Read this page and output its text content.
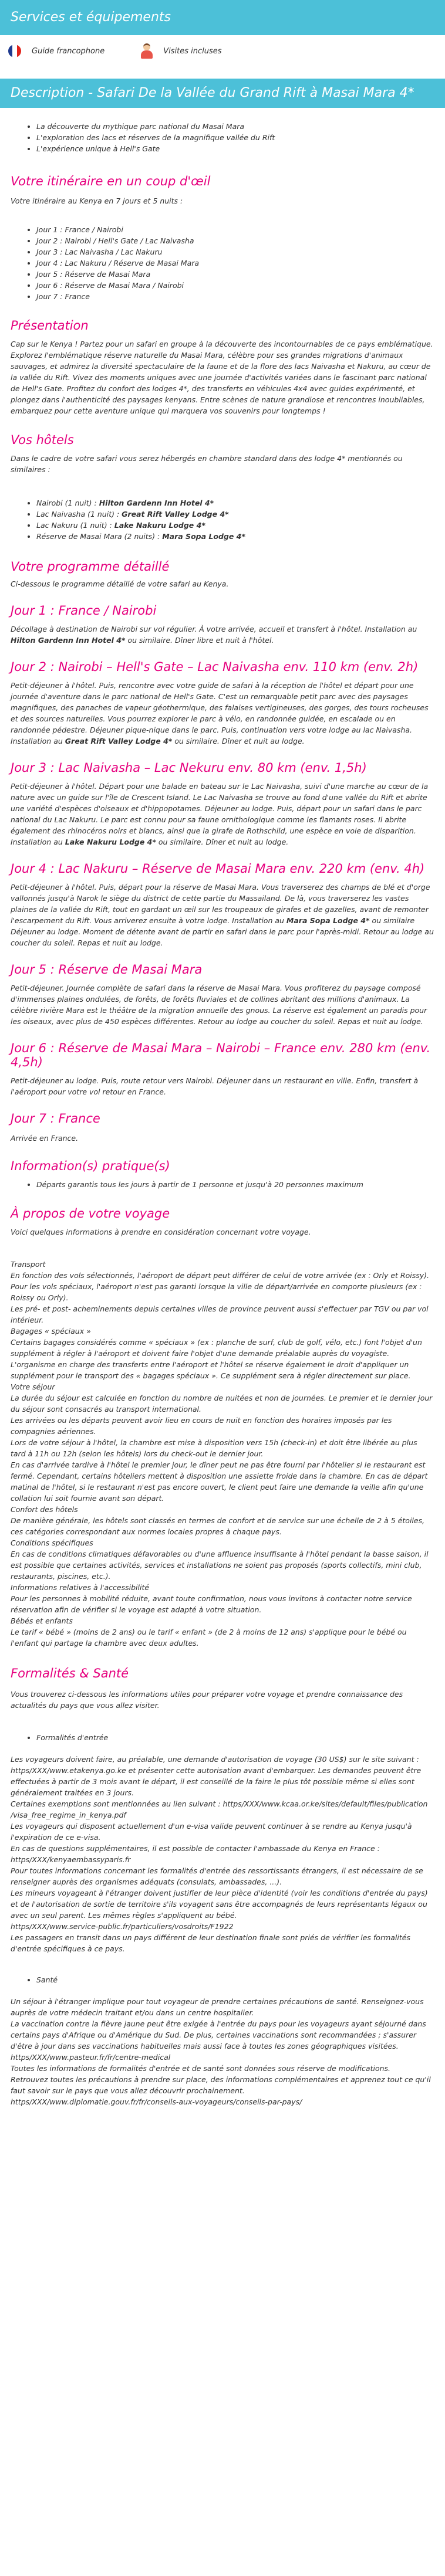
Services et équipements
Guide francophone	Visites incluses
Description - Safari De la Vallée du Grand Rift à Masai Mara 4*
• La découverte du mythique parc national du Masai Mara
• L'exploration des lacs et réserves de la magnifique vallée du Rift
• L'expérience unique à Hell's Gate
Votre itinéraire en un coup d'œil

Votre itinéraire au Kenya en 7 jours et 5 nuits :

• Jour 1 : France / Nairobi
• Jour 2 : Nairobi / Hell's Gate / Lac Naivasha
• Jour 3 : Lac Naivasha / Lac Nakuru
• Jour 4 : Lac Nakuru / Réserve de Masai Mara
• Jour 5 : Réserve de Masai Mara
• Jour 6 : Réserve de Masai Mara / Nairobi
• Jour 7 : France
Présentation

Cap sur le Kenya ! Partez pour un safari en groupe à la découverte des incontournables de ce pays emblématique. Explorez l'emblématique réserve naturelle du Masai Mara, célèbre pour ses grandes migrations d'animaux sauvages, et admirez la diversité spectaculaire de la faune et de la flore des lacs Naivasha et Nakuru, au cœur de la vallée du Rift. Vivez des moments uniques avec une journée d'activités variées dans le fascinant parc national de Hell's Gate. Profitez du confort des lodges 4*, des transferts en véhicules 4x4 avec guides expérimenté, et plongez dans l'authenticité des paysages kenyans. Entre scènes de nature grandiose et rencontres inoubliables, embarquez pour cette aventure unique qui marquera vos souvenirs pour longtemps !

Vos hôtels

Dans le cadre de votre safari vous serez hébergés en chambre standard dans des lodge 4* mentionnés ou similaires :

• Nairobi (1 nuit) : Hilton Gardenn Inn Hotel 4*
• Lac Naivasha (1 nuit) : Great Rift Valley Lodge 4*
• Lac Nakuru (1 nuit) : Lake Nakuru Lodge 4*
• Réserve de Masai Mara (2 nuits) : Mara Sopa Lodge 4*
Votre programme détaillé

Ci-dessous le programme détaillé de votre safari au Kenya.

Jour 1 : France / Nairobi

Décollage à destination de Nairobi sur vol régulier. À votre arrivée, accueil et transfert à l'hôtel. Installation au Hilton Gardenn Inn Hotel 4* ou similaire. Dîner libre et nuit à l'hôtel.

Jour 2 : Nairobi – Hell's Gate – Lac Naivasha env. 110 km (env. 2h)

Petit-déjeuner à l'hôtel. Puis, rencontre avec votre guide de safari à la réception de l'hôtel et départ pour une journée d'aventure dans le parc national de Hell's Gate. C'est un remarquable petit parc avec des paysages magnifiques, des panaches de vapeur géothermique, des falaises vertigineuses, des gorges, des tours rocheuses et des sources naturelles. Vous pourrez explorer le parc à vélo, en randonnée guidée, en escalade ou en randonnée pédestre. Déjeuner pique-nique dans le parc. Puis, continuation vers votre lodge au lac Naivasha. Installation au Great Rift Valley Lodge 4* ou similaire. Dîner et nuit au lodge.

Jour 3 : Lac Naivasha – Lac Nekuru env. 80 km (env. 1,5h)

Petit-déjeuner à l'hôtel. Départ pour une balade en bateau sur le Lac Naivasha, suivi d'une marche au cœur de la nature avec un guide sur l'île de Crescent Island. Le Lac Naivasha se trouve au fond d'une vallée du Rift et abrite une variété d'espèces d'oiseaux et d'hippopotames. Déjeuner au lodge. Puis, départ pour un safari dans le parc national du Lac Nakuru. Le parc est connu pour sa faune ornithologique comme les flamants roses. Il abrite également des rhinocéros noirs et blancs, ainsi que la girafe de Rothschild, une espèce en voie de disparition. Installation au Lake Nakuru Lodge 4* ou similaire. Dîner et nuit au lodge.

Jour 4 : Lac Nakuru – Réserve de Masai Mara env. 220 km (env. 4h)

Petit-déjeuner à l'hôtel. Puis, départ pour la réserve de Masai Mara. Vous traverserez des champs de blé et d'orge vallonnés jusqu'à Narok le siège du district de cette partie du Massailand. De là, vous traverserez les vastes plaines de la vallée du Rift, tout en gardant un œil sur les troupeaux de girafes et de gazelles, avant de remonter l'escarpement du Rift. Vous arriverez ensuite à votre lodge. Installation au Mara Sopa Lodge 4* ou similaire Déjeuner au lodge. Moment de détente avant de partir en safari dans le parc pour l'après-midi. Retour au lodge au coucher du soleil. Repas et nuit au lodge.

Jour 5 : Réserve de Masai Mara

Petit-déjeuner. Journée complète de safari dans la réserve de Masai Mara. Vous profiterez du paysage composé d'immenses plaines ondulées, de forêts, de forêts fluviales et de collines abritant des millions d'animaux. La célèbre rivière Mara est le théâtre de la migration annuelle des gnous. La réserve est également un paradis pour les oiseaux, avec plus de 450 espèces différentes. Retour au lodge au coucher du soleil. Repas et nuit au lodge.

Jour 6 : Réserve de Masai Mara – Nairobi – France env. 280 km (env. 4,5h)

Petit-déjeuner au lodge. Puis, route retour vers Nairobi. Déjeuner dans un restaurant en ville. Enfin, transfert à l'aéroport pour votre vol retour en France.

Jour 7 : France

Arrivée en France.

Information(s) pratique(s)
• Départs garantis tous les jours à partir de 1 personne et jusqu'à 20 personnes maximum
À propos de votre voyage

Voici quelques informations à prendre en considération concernant votre voyage.

Transport

En fonction des vols sélectionnés, l'aéroport de départ peut différer de celui de votre arrivée (ex : Orly et Roissy). Pour les vols spéciaux, l'aéroport n'est pas garanti lorsque la ville de départ/arrivée en comporte plusieurs (ex : Roissy ou Orly).

Les pré- et post- acheminements depuis certaines villes de province peuvent aussi s'effectuer par TGV ou par vol intérieur.

Bagages « spéciaux »

Certains bagages considérés comme « spéciaux » (ex : planche de surf, club de golf, vélo, etc.) font l'objet d'un supplément à régler à l'aéroport et doivent faire l'objet d'une demande préalable auprès du voyagiste. L'organisme en charge des transferts entre l'aéroport et l'hôtel se réserve également le droit d'appliquer un supplément pour le transport des « bagages spéciaux ». Ce supplément sera à régler directement sur place.

Votre séjour

La durée du séjour est calculée en fonction du nombre de nuitées et non de journées. Le premier et le dernier jour du séjour sont consacrés au transport international.

Les arrivées ou les départs peuvent avoir lieu en cours de nuit en fonction des horaires imposés par les compagnies aériennes.

Lors de votre séjour à l'hôtel, la chambre est mise à disposition vers 15h (check-in) et doit être libérée au plus tard à 11h ou 12h (selon les hôtels) lors du check-out le dernier jour.

En cas d'arrivée tardive à l'hôtel le premier jour, le dîner peut ne pas être fourni par l'hôtelier si le restaurant est fermé. Cependant, certains hôteliers mettent à disposition une assiette froide dans la chambre. En cas de départ matinal de l'hôtel, si le restaurant n'est pas encore ouvert, le client peut faire une demande la veille afin qu'une collation lui soit fournie avant son départ.

Confort des hôtels

De manière générale, les hôtels sont classés en termes de confort et de service sur une échelle de 2 à 5 étoiles, ces catégories correspondant aux normes locales propres à chaque pays.

Conditions spécifiques

En cas de conditions climatiques défavorables ou d'une affluence insuffisante à l'hôtel pendant la basse saison, il est possible que certaines activités, services et installations ne soient pas proposés (sports collectifs, mini club, restaurants, piscines, etc.).

Informations relatives à l'accessibilité

Pour les personnes à mobilité réduite, avant toute confirmation, nous vous invitons à contacter notre service réservation afin de vérifier si le voyage est adapté à votre situation.

Bébés et enfants

Le tarif « bébé » (moins de 2 ans) ou le tarif « enfant » (de 2 à moins de 12 ans) s'applique pour le bébé ou l'enfant qui partage la chambre avec deux adultes.

Formalités & Santé

Vous trouverez ci-dessous les informations utiles pour préparer votre voyage et prendre connaissance des actualités du pays que vous allez visiter.

• Formalités d'entrée

Les voyageurs doivent faire, au préalable, une demande d'autorisation de voyage (30 US$) sur le site suivant : https/XXX/www.etakenya.go.ke et présenter cette autorisation avant d'embarquer. Les demandes peuvent être effectuées à partir de 3 mois avant le départ, il est conseillé de la faire le plus tôt possible même si elles sont généralement traitées en 3 jours.

Certaines exemptions sont mentionnées au lien suivant : https/XXX/www.kcaa.or.ke/sites/default/files/publication /visa_free_regime_in_kenya.pdf

Les voyageurs qui disposent actuellement d'un e-visa valide peuvent continuer à se rendre au Kenya jusqu'à l'expiration de ce e-visa.

En cas de questions supplémentaires, il est possible de contacter l'ambassade du Kenya en France : https/XXX/kenyaembassyparis.fr

Pour toutes informations concernant les formalités d'entrée des ressortissants étrangers, il est nécessaire de se renseigner auprès des organismes adéquats (consulats, ambassades, ...).

Les mineurs voyageant à l'étranger doivent justifier de leur pièce d'identité (voir les conditions d'entrée du pays) et de l'autorisation de sortie de territoire s'ils voyagent sans être accompagnés de leurs représentants légaux ou avec un seul parent. Les mêmes règles s'appliquent au bébé.

https/XXX/www.service-public.fr/particuliers/vosdroits/F1922

Les passagers en transit dans un pays différent de leur destination finale sont priés de vérifier les formalités d'entrée spécifiques à ce pays.

• Santé

Un séjour à l'étranger implique pour tout voyageur de prendre certaines précautions de santé. Renseignez-vous auprès de votre médecin traitant et/ou dans un centre hospitalier.

La vaccination contre la fièvre jaune peut être exigée à l'entrée du pays pour les voyageurs ayant séjourné dans certains pays d'Afrique ou d'Amérique du Sud. De plus, certaines vaccinations sont recommandées ; s'assurer d'être à jour dans ses vaccinations habituelles mais aussi face à toutes les zones géographiques visitées.

https/XXX/www.pasteur.fr/fr/centre-medical

Toutes les informations de formalités d'entrée et de santé sont données sous réserve de modifications.

Retrouvez toutes les précautions à prendre sur place, des informations complémentaires et apprenez tout ce qu'il faut savoir sur le pays que vous allez découvrir prochainement.

https/XXX/www.diplomatie.gouv.fr/fr/conseils-aux-voyageurs/conseils-par-pays/
